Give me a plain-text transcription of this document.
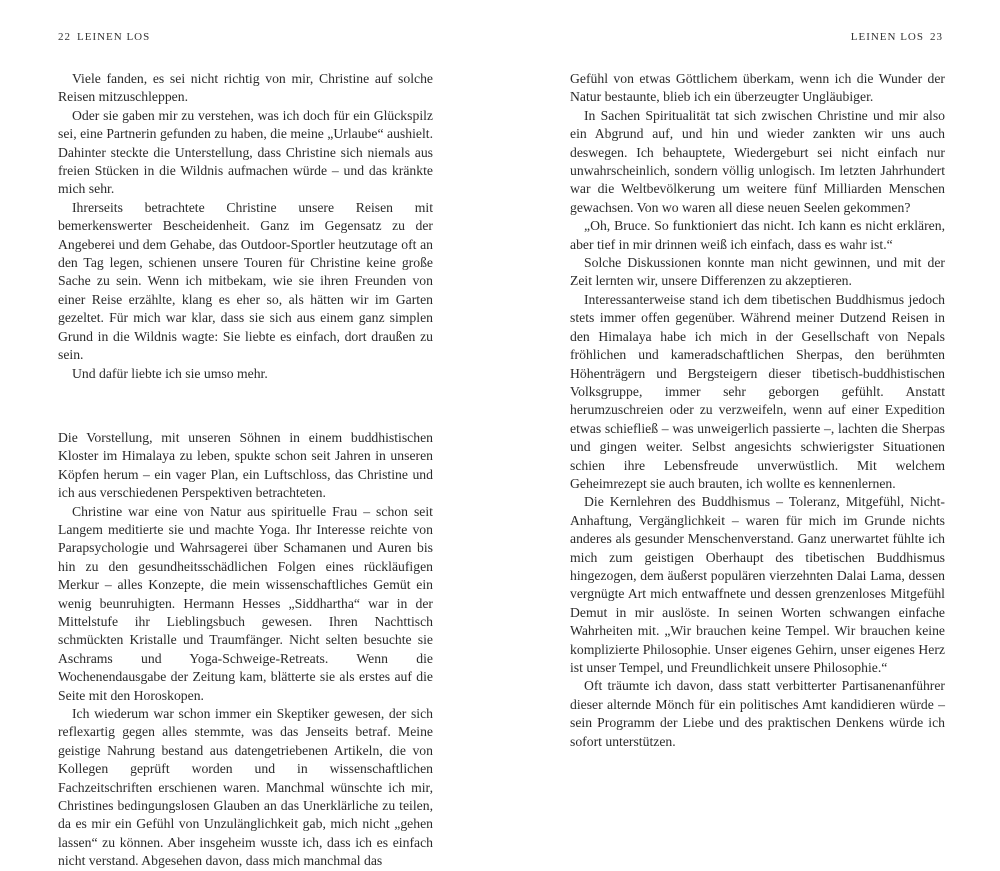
22 LEINEN LOS

Viele fanden, es sei nicht richtig von mir, Christine auf solche Reisen mitzuschleppen.

Oder sie gaben mir zu verstehen, was ich doch für ein Glückspilz sei, eine Partnerin gefunden zu haben, die meine „Urlaube“ aushielt. Dahinter steckte die Unterstellung, dass Christine sich niemals aus freien Stücken in die Wildnis aufmachen würde – und das kränkte mich sehr.

Ihrerseits betrachtete Christine unsere Reisen mit bemerkenswerter Bescheidenheit. Ganz im Gegensatz zu der Angeberei und dem Gehabe, das Outdoor-Sportler heutzutage oft an den Tag legen, schienen unsere Touren für Christine keine große Sache zu sein. Wenn ich mitbekam, wie sie ihren Freunden von einer Reise erzählte, klang es eher so, als hätten wir im Garten gezeltet. Für mich war klar, dass sie sich aus einem ganz simplen Grund in die Wildnis wagte: Sie liebte es einfach, dort draußen zu sein.

Und dafür liebte ich sie umso mehr.

Die Vorstellung, mit unseren Söhnen in einem buddhistischen Kloster im Himalaya zu leben, spukte schon seit Jahren in unseren Köpfen herum – ein vager Plan, ein Luftschloss, das Christine und ich aus verschiedenen Perspektiven betrachteten.

Christine war eine von Natur aus spirituelle Frau – schon seit Langem meditierte sie und machte Yoga. Ihr Interesse reichte von Parapsychologie und Wahrsagerei über Schamanen und Auren bis hin zu den gesundheitsschädlichen Folgen eines rückläufigen Merkur – alles Konzepte, die mein wissenschaftliches Gemüt ein wenig beunruhigten. Hermann Hesses „Siddhartha“ war in der Mittelstufe ihr Lieblingsbuch gewesen. Ihren Nachttisch schmückten Kristalle und Traumfänger. Nicht selten besuchte sie Aschrams und Yoga-Schweige-Retreats. Wenn die Wochenendausgabe der Zeitung kam, blätterte sie als erstes auf die Seite mit den Horoskopen.

Ich wiederum war schon immer ein Skeptiker gewesen, der sich reflexartig gegen alles stemmte, was das Jenseits betraf. Meine geistige Nahrung bestand aus datengetriebenen Artikeln, die von Kollegen geprüft worden und in wissenschaftlichen Fachzeitschriften erschienen waren. Manchmal wünschte ich mir, Christines bedingungslosen Glauben an das Unerklärliche zu teilen, da es mir ein Gefühl von Unzulänglichkeit gab, mich nicht „gehen lassen“ zu können. Aber insgeheim wusste ich, dass ich es einfach nicht verstand. Abgesehen davon, dass mich manchmal das

LEINEN LOS 23

Gefühl von etwas Göttlichem überkam, wenn ich die Wunder der Natur bestaunte, blieb ich ein überzeugter Ungläubiger.

In Sachen Spiritualität tat sich zwischen Christine und mir also ein Abgrund auf, und hin und wieder zankten wir uns auch deswegen. Ich behauptete, Wiedergeburt sei nicht einfach nur unwahrscheinlich, sondern völlig unlogisch. Im letzten Jahrhundert war die Weltbevölkerung um weitere fünf Milliarden Menschen gewachsen. Von wo waren all diese neuen Seelen gekommen?

„Oh, Bruce. So funktioniert das nicht. Ich kann es nicht erklären, aber tief in mir drinnen weiß ich einfach, dass es wahr ist.“

Solche Diskussionen konnte man nicht gewinnen, und mit der Zeit lernten wir, unsere Differenzen zu akzeptieren.

Interessanterweise stand ich dem tibetischen Buddhismus jedoch stets immer offen gegenüber. Während meiner Dutzend Reisen in den Himalaya habe ich mich in der Gesellschaft von Nepals fröhlichen und kameradschaftlichen Sherpas, den berühmten Höhenträgern und Bergsteigern dieser tibetisch-buddhistischen Volksgruppe, immer sehr geborgen gefühlt. Anstatt herumzuschreien oder zu verzweifeln, wenn auf einer Expedition etwas schiefließ – was unweigerlich passierte –, lachten die Sherpas und gingen weiter. Selbst angesichts schwierigster Situationen schien ihre Lebensfreude unverwüstlich. Mit welchem Geheimrezept sie auch brauten, ich wollte es kennenlernen.

Die Kernlehren des Buddhismus – Toleranz, Mitgefühl, Nicht-Anhaftung, Vergänglichkeit – waren für mich im Grunde nichts anderes als gesunder Menschenverstand. Ganz unerwartet fühlte ich mich zum geistigen Oberhaupt des tibetischen Buddhismus hingezogen, dem äußerst populären vierzehnten Dalai Lama, dessen vergnügte Art mich entwaffnete und dessen grenzenloses Mitgefühl Demut in mir auslöste. In seinen Worten schwangen einfache Wahrheiten mit. „Wir brauchen keine Tempel. Wir brauchen keine komplizierte Philosophie. Unser eigenes Gehirn, unser eigenes Herz ist unser Tempel, und Freundlichkeit unsere Philosophie.“

Oft träumte ich davon, dass statt verbitterter Partisanenanführer dieser alternde Mönch für ein politisches Amt kandidieren würde – sein Programm der Liebe und des praktischen Denkens würde ich sofort unterstützen.
